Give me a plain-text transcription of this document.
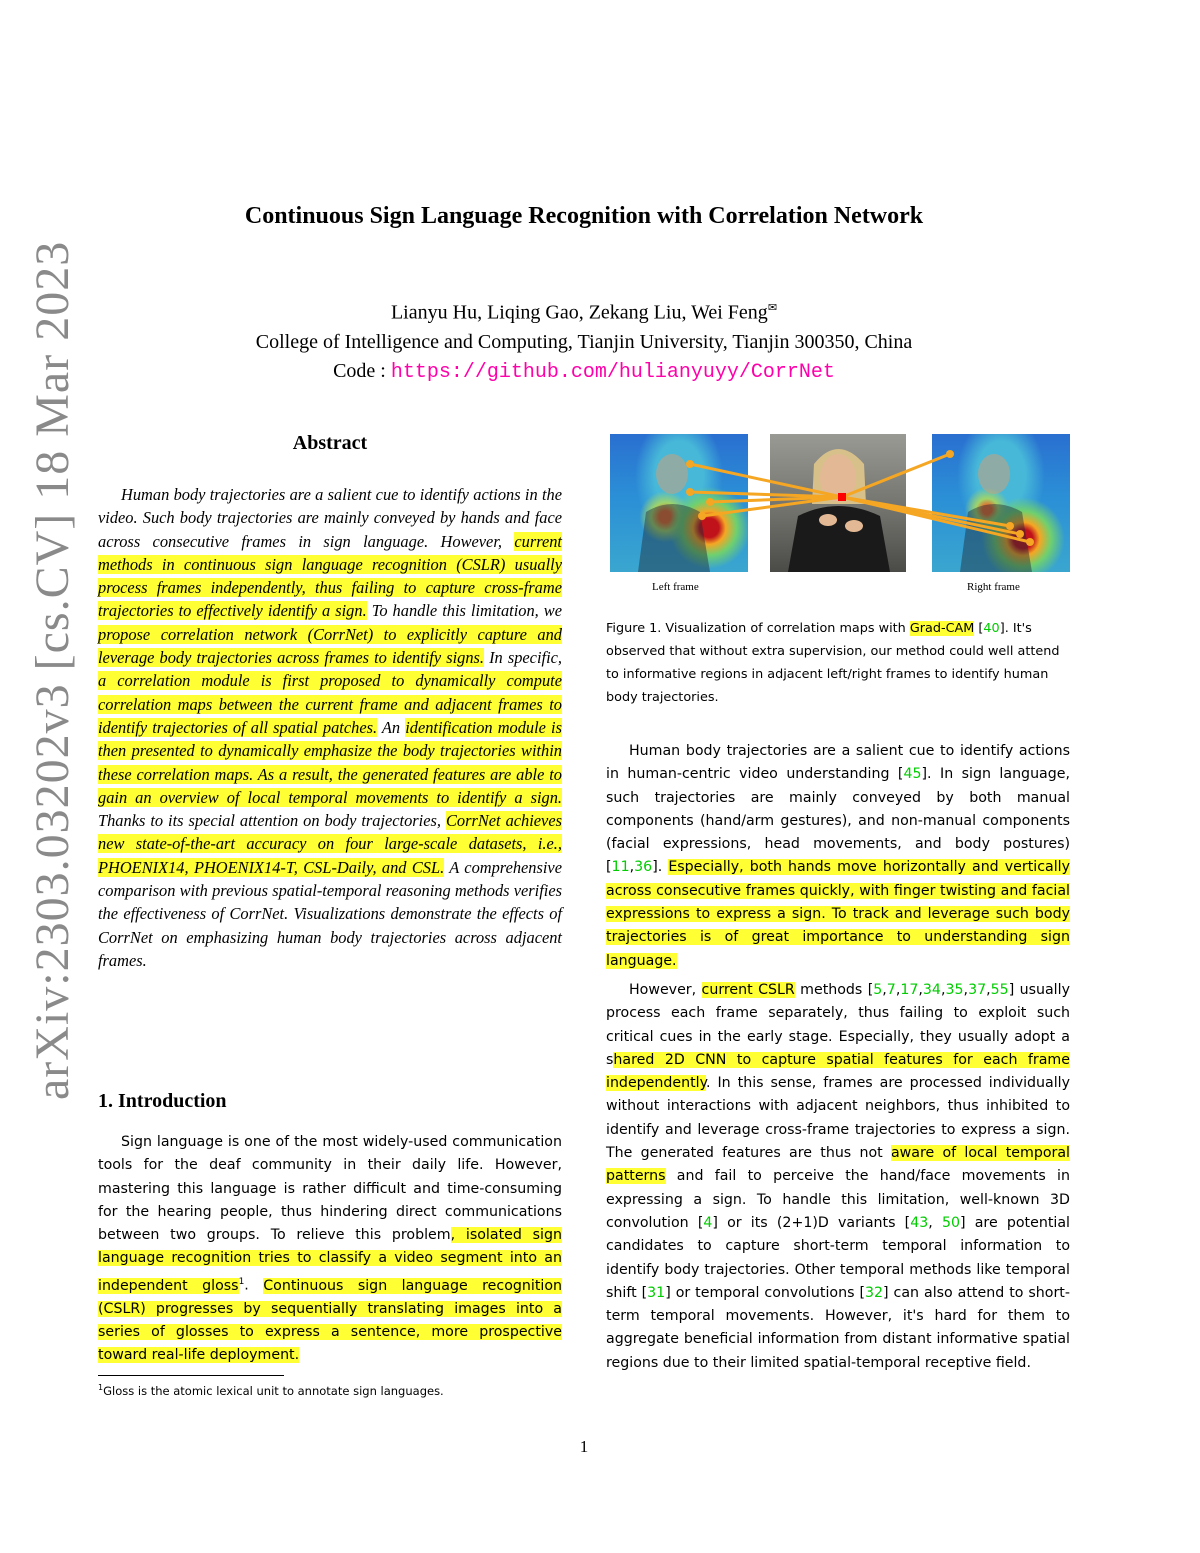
arXiv:2303.03202v3 [cs.CV] 18 Mar 2023
Continuous Sign Language Recognition with Correlation Network
Lianyu Hu, Liqing Gao, Zekang Liu, Wei Feng✉
College of Intelligence and Computing, Tianjin University, Tianjin 300350, China
Code : https://github.com/hulianyuyy/CorrNet
Abstract

Human body trajectories are a salient cue to identify actions in the video. Such body trajectories are mainly conveyed by hands and face across consecutive frames in sign language. However, current methods in continuous sign language recognition (CSLR) usually process frames independently, thus failing to capture cross-frame trajectories to effectively identify a sign. To handle this limitation, we propose correlation network (CorrNet) to explicitly capture and leverage body trajectories across frames to identify signs. In specific, a correlation module is first proposed to dynamically compute correlation maps between the current frame and adjacent frames to identify trajectories of all spatial patches. An identification module is then presented to dynamically emphasize the body trajectories within these correlation maps. As a result, the generated features are able to gain an overview of local temporal movements to identify a sign. Thanks to its special attention on body trajectories, CorrNet achieves new state-of-the-art accuracy on four large-scale datasets, i.e., PHOENIX14, PHOENIX14-T, CSL-Daily, and CSL. A comprehensive comparison with previous spatial-temporal reasoning methods verifies the effectiveness of CorrNet. Visualizations demonstrate the effects of CorrNet on emphasizing human body trajectories across adjacent frames.

1. Introduction

Sign language is one of the most widely-used communication tools for the deaf community in their daily life. However, mastering this language is rather difficult and time-consuming for the hearing people, thus hindering direct communications between two groups. To relieve this problem, isolated sign language recognition tries to classify a video segment into an independent gloss$^1$. Continuous sign language recognition (CSLR) progresses by sequentially translating images into a series of glosses to express a sentence, more prospective toward real-life deployment.

$^1$Gloss is the atomic lexical unit to annotate sign languages.
Left frame	Right frame
Figure 1. Visualization of correlation maps with Grad-CAM [40]. It's observed that without extra supervision, our method could well attend to informative regions in adjacent left/right frames to identify human body trajectories.

Human body trajectories are a salient cue to identify actions in human-centric video understanding [45]. In sign language, such trajectories are mainly conveyed by both manual components (hand/arm gestures), and non-manual components (facial expressions, head movements, and body postures) [11,36]. Especially, both hands move horizontally and vertically across consecutive frames quickly, with finger twisting and facial expressions to express a sign. To track and leverage such body trajectories is of great importance to understanding sign language.

However, current CSLR methods [5,7,17,34,35,37,55] usually process each frame separately, thus failing to exploit such critical cues in the early stage. Especially, they usually adopt a shared 2D CNN to capture spatial features for each frame independently. In this sense, frames are processed individually without interactions with adjacent neighbors, thus inhibited to identify and leverage cross-frame trajectories to express a sign. The generated features are thus not aware of local temporal patterns and fail to perceive the hand/face movements in expressing a sign. To handle this limitation, well-known 3D convolution [4] or its (2+1)D variants [43, 50] are potential candidates to capture short-term temporal information to identify body trajectories. Other temporal methods like temporal shift [31] or temporal convolutions [32] can also attend to short-term temporal movements. However, it's hard for them to aggregate beneficial information from distant informative spatial regions due to their limited spatial-temporal receptive field.

1
